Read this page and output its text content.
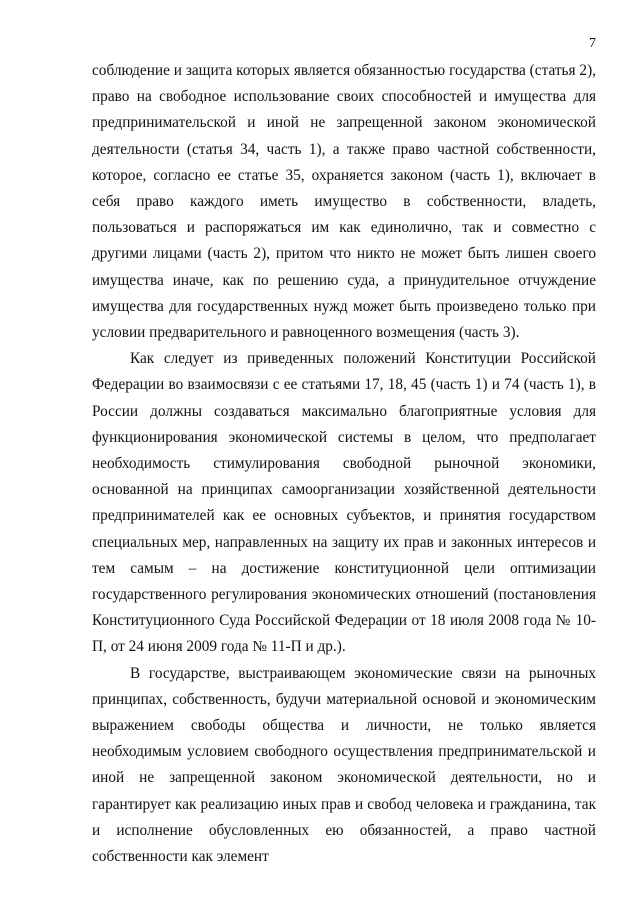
7

соблюдение и защита которых является обязанностью государства (статья 2), право на свободное использование своих способностей и имущества для предпринимательской и иной не запрещенной законом экономической деятельности (статья 34, часть 1), а также право частной собственности, которое, согласно ее статье 35, охраняется законом (часть 1), включает в себя право каждого иметь имущество в собственности, владеть, пользоваться и распоряжаться им как единолично, так и совместно с другими лицами (часть 2), притом что никто не может быть лишен своего имущества иначе, как по решению суда, а принудительное отчуждение имущества для государственных нужд может быть произведено только при условии предварительного и равноценного возмещения (часть 3).

Как следует из приведенных положений Конституции Российской Федерации во взаимосвязи с ее статьями 17, 18, 45 (часть 1) и 74 (часть 1), в России должны создаваться максимально благоприятные условия для функционирования экономической системы в целом, что предполагает необходимость стимулирования свободной рыночной экономики, основанной на принципах самоорганизации хозяйственной деятельности предпринимателей как ее основных субъектов, и принятия государством специальных мер, направленных на защиту их прав и законных интересов и тем самым – на достижение конституционной цели оптимизации государственного регулирования экономических отношений (постановления Конституционного Суда Российской Федерации от 18 июля 2008 года № 10-П, от 24 июня 2009 года № 11-П и др.).

В государстве, выстраивающем экономические связи на рыночных принципах, собственность, будучи материальной основой и экономическим выражением свободы общества и личности, не только является необходимым условием свободного осуществления предпринимательской и иной не запрещенной законом экономической деятельности, но и гарантирует как реализацию иных прав и свобод человека и гражданина, так и исполнение обусловленных ею обязанностей, а право частной собственности как элемент
